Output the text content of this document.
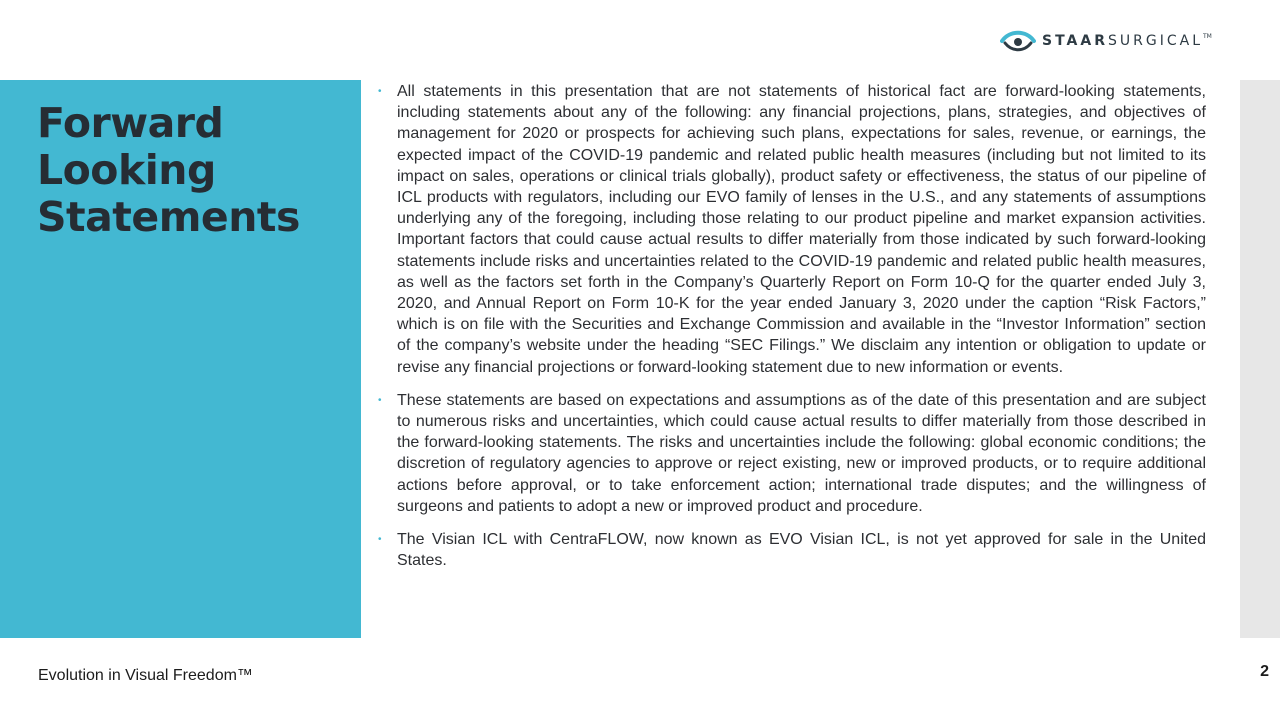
STAARSURGICAL™
Forward
Looking
Statements
• All statements in this presentation that are not statements of historical fact are forward-looking statements, including statements about any of the following: any financial projections, plans, strategies, and objectives of management for 2020 or prospects for achieving such plans, expectations for sales, revenue, or earnings, the expected impact of the COVID-19 pandemic and related public health measures (including but not limited to its impact on sales, operations or clinical trials globally), product safety or effectiveness, the status of our pipeline of ICL products with regulators, including our EVO family of lenses in the U.S., and any statements of assumptions underlying any of the foregoing, including those relating to our product pipeline and market expansion activities. Important factors that could cause actual results to differ materially from those indicated by such forward-looking statements include risks and uncertainties related to the COVID-19 pandemic and related public health measures, as well as the factors set forth in the Company’s Quarterly Report on Form 10-Q for the quarter ended July 3, 2020, and Annual Report on Form 10-K for the year ended January 3, 2020 under the caption “Risk Factors,” which is on file with the Securities and Exchange Commission and available in the “Investor Information” section of the company’s website under the heading “SEC Filings.” We disclaim any intention or obligation to update or revise any financial projections or forward-looking statement due to new information or events.

• These statements are based on expectations and assumptions as of the date of this presentation and are subject to numerous risks and uncertainties, which could cause actual results to differ materially from those described in the forward-looking statements. The risks and uncertainties include the following: global economic conditions; the discretion of regulatory agencies to approve or reject existing, new or improved products, or to require additional actions before approval, or to take enforcement action; international trade disputes; and the willingness of surgeons and patients to adopt a new or improved product and procedure.

• The Visian ICL with CentraFLOW, now known as EVO Visian ICL, is not yet approved for sale in the United States.

Evolution in Visual Freedom™	2
